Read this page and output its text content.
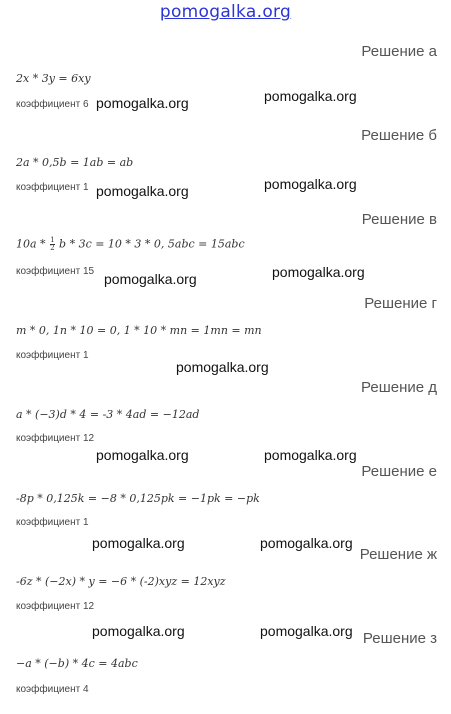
pomogalka.org
Решение а
2x * 3y = 6xy
коэффициент 6 pomogalka.org	pomogalka.org
Решение б
2a * 0,5b = 1ab = ab
коэффициент 1 pomogalka.org	pomogalka.org
Решение в
$10a * \frac{1}{2}$ b * 3c = 10 * 3 * 0, 5abc = 15abc
коэффициент 15 pomogalka.org	pomogalka.org
Решение г
m * 0, 1n * 10 = 0, 1 * 10 * mn = 1mn = mn
коэффициент 1
pomogalka.org
Решение д
a * (−3)d * 4 = -3 * 4ad = −12ad
коэффициент 12
pomogalka.org	pomogalka.org
Решение е
-8p * 0,125k = −8 * 0,125pk = −1pk = −pk
коэффициент 1
pomogalka.org	pomogalka.org
Решение ж
-6z * (−2x) * y = −6 * (-2)xyz = 12xyz
коэффициент 12
pomogalka.org	pomogalka.org Решение з
−a * (−b) * 4c = 4abc
коэффициент 4
